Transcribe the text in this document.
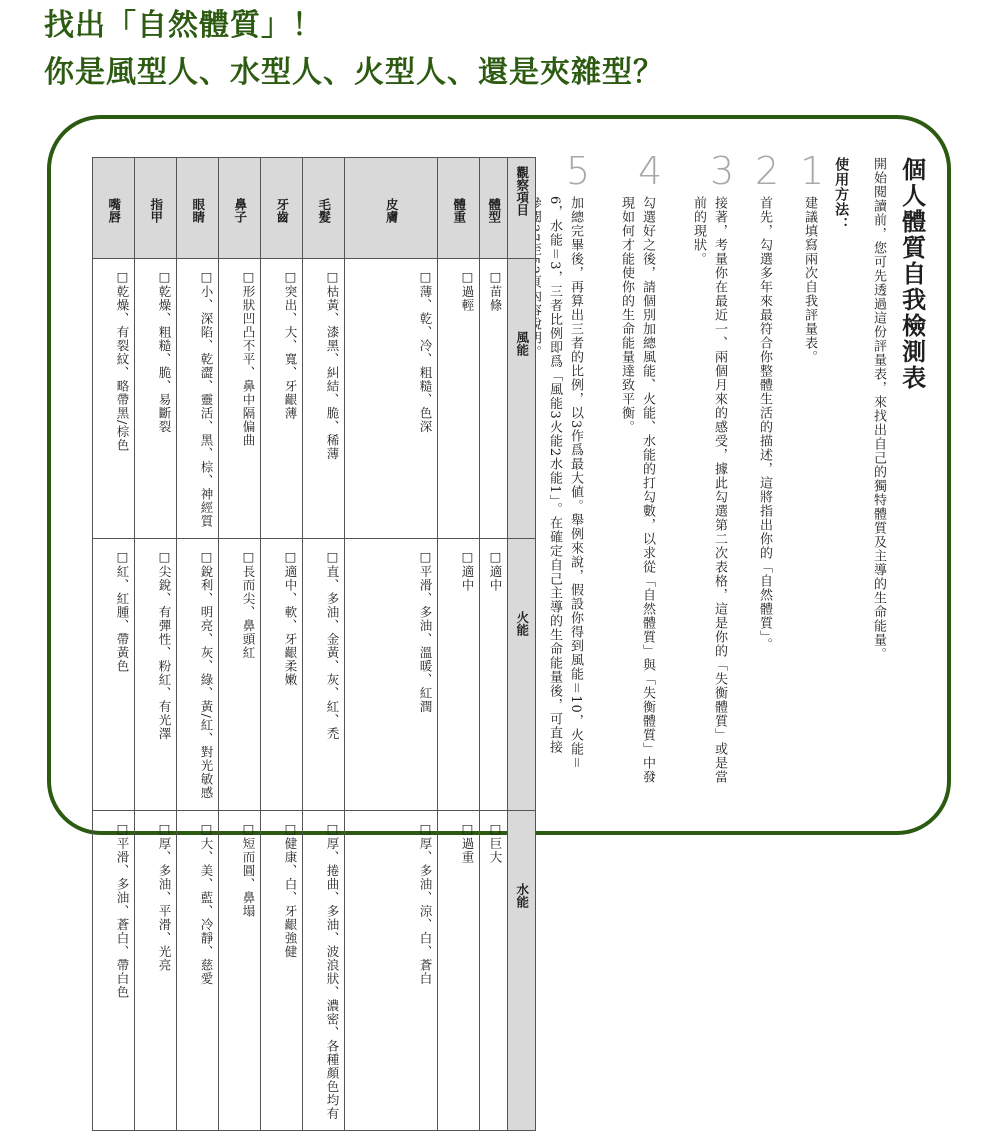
找出「自然體質」！
你是風型人、水型人、火型人、還是夾雜型？
個人體質自我檢測表
開始閱讀前，您可先透過這份評量表，來找出自己的獨特體質及主導的生命能量。
使用方法：
1
建議填寫兩次自我評量表。
2
首先，勾選多年來最符合你整體生活的描述，這將指出你的「自然體質」。
3
接著，考量你在最近一、兩個月來的感受，據此勾選第二次表格，這是你的「失衡體質」或是當
前的現狀。
4
勾選好之後，請個別加總風能、火能、水能的打勾數，以求從「自然體質」與「失衡體質」中發
現如何才能使你的生命能量達致平衡。
5
加總完畢後，再算出三者的比例，以3作爲最大値。舉例來說，假設你得到風能＝10，火能＝
6，水能＝3，三者比例即爲「風能3火能2水能1」。在確定自己主導的生命能量後，可直接
嘴唇	指甲	眼睛	鼻子	牙齒	毛髮	皮膚	體重	體型	觀察項目

□乾燥、有裂紋、略帶黑/棕色	□乾燥、粗糙、脆、易斷裂	□小、深陷、乾澀、靈活、黑、棕、神經質	□形狀凹凸不平、鼻中隔偏曲	□突出、大、寬、牙齦薄	□枯黃、漆黑、糾結、脆、稀薄	□薄、乾、冷、粗糙、色深	□過輕	□苗條	風能

□紅、紅腫、帶黃色	□尖銳、有彈性、粉紅、有光澤	□銳利、明亮、灰、綠、黃/紅、對光敏感	□長而尖、鼻頭紅	□適中、軟、牙齦柔嫩	□直、多油、金黃、灰、紅、禿	□平滑、多油、溫暖、紅潤	□適中	□適中	火能

□平滑、多油、蒼白、帶白色	□厚、多油、平滑、光亮	□大、美、藍、冷靜、慈愛	□短而圓、鼻塌	□健康、白、牙齦強健	□厚、捲曲、多油、波浪狀、濃密、各種顏色均有	□厚、多油、涼、白、蒼白	□過重	□巨大	水能
